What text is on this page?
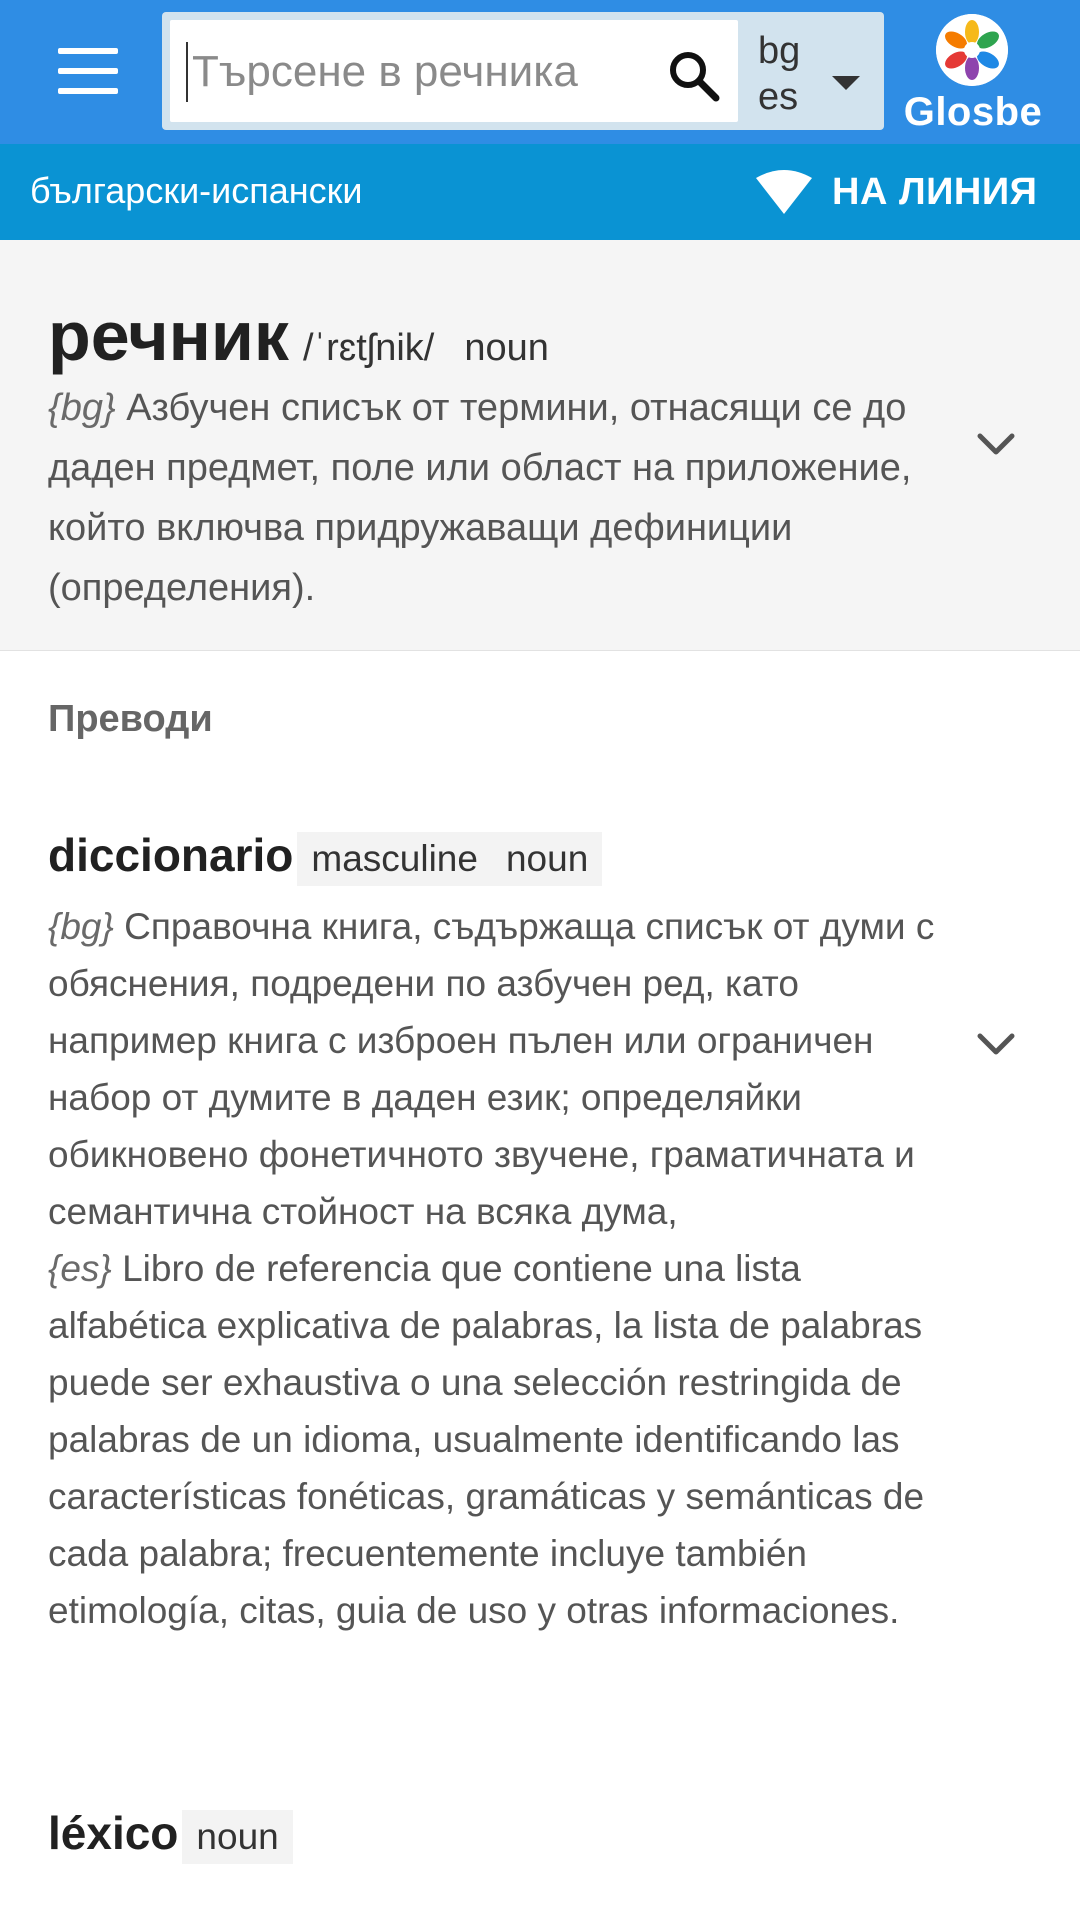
Търсене в речника
bg
es	Glosbe
български-испански	НА ЛИНИЯ
речник /ˈrɛtʃnik/ noun
{bg} Азбучен списък от термини, отнасящи се до даден предмет, поле или област на приложение, който включва придружаващи дефиниции (определения).
Преводи
diccionario masculine noun
{bg} Справочна книга, съдържаща списък от думи с обяснения, подредени по азбучен ред, като например книга с изброен пълен или ограничен набор от думите в даден език; определяйки обикновено фонетичното звучене, граматичната и семантична стойност на всяка дума,
{es} Libro de referencia que contiene una lista alfabética explicativa de palabras, la lista de palabras puede ser exhaustiva o una selección restringida de palabras de un idioma, usualmente identificando las características fonéticas, gramáticas y semánticas de cada palabra; frecuentemente incluye también etimología, citas, guia de uso y otras informaciones.
léxico noun
